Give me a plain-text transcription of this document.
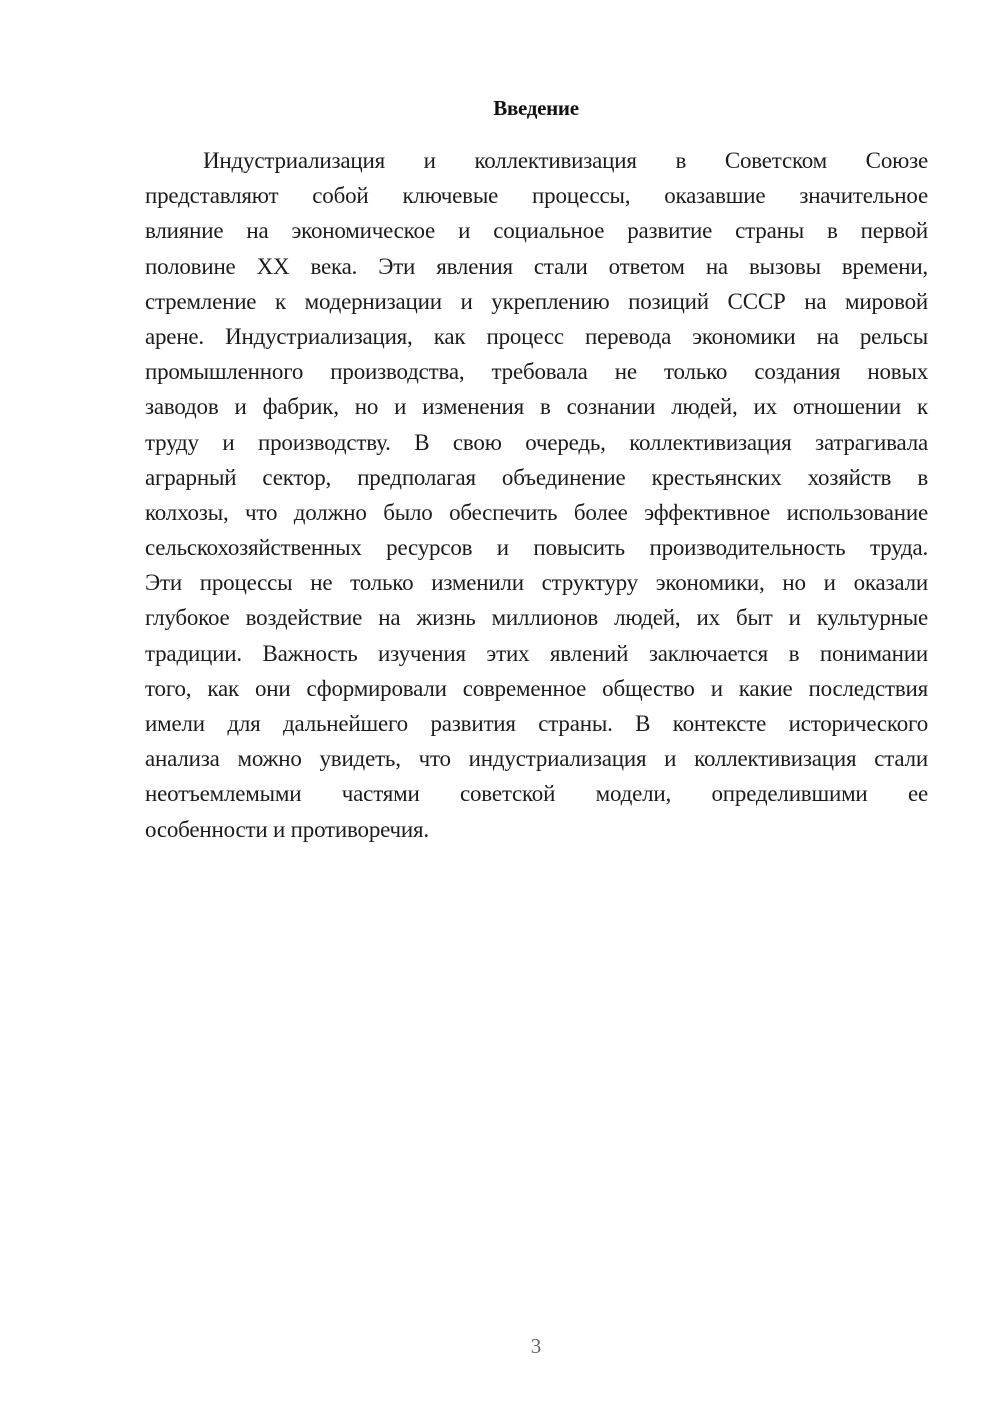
Введение
Индустриализация и коллективизация в Советском Союзе
представляют собой ключевые процессы, оказавшие значительное
влияние на экономическое и социальное развитие страны в первой
половине XX века. Эти явления стали ответом на вызовы времени,
стремление к модернизации и укреплению позиций СССР на мировой
арене. Индустриализация, как процесс перевода экономики на рельсы
промышленного производства, требовала не только создания новых
заводов и фабрик, но и изменения в сознании людей, их отношении к
труду и производству. В свою очередь, коллективизация затрагивала
аграрный сектор, предполагая объединение крестьянских хозяйств в
колхозы, что должно было обеспечить более эффективное использование
сельскохозяйственных ресурсов и повысить производительность труда.
Эти процессы не только изменили структуру экономики, но и оказали
глубокое воздействие на жизнь миллионов людей, их быт и культурные
традиции. Важность изучения этих явлений заключается в понимании
того, как они сформировали современное общество и какие последствия
имели для дальнейшего развития страны. В контексте исторического
анализа можно увидеть, что индустриализация и коллективизация стали
неотъемлемыми частями советской модели, определившими ее
особенности и противоречия.
3
